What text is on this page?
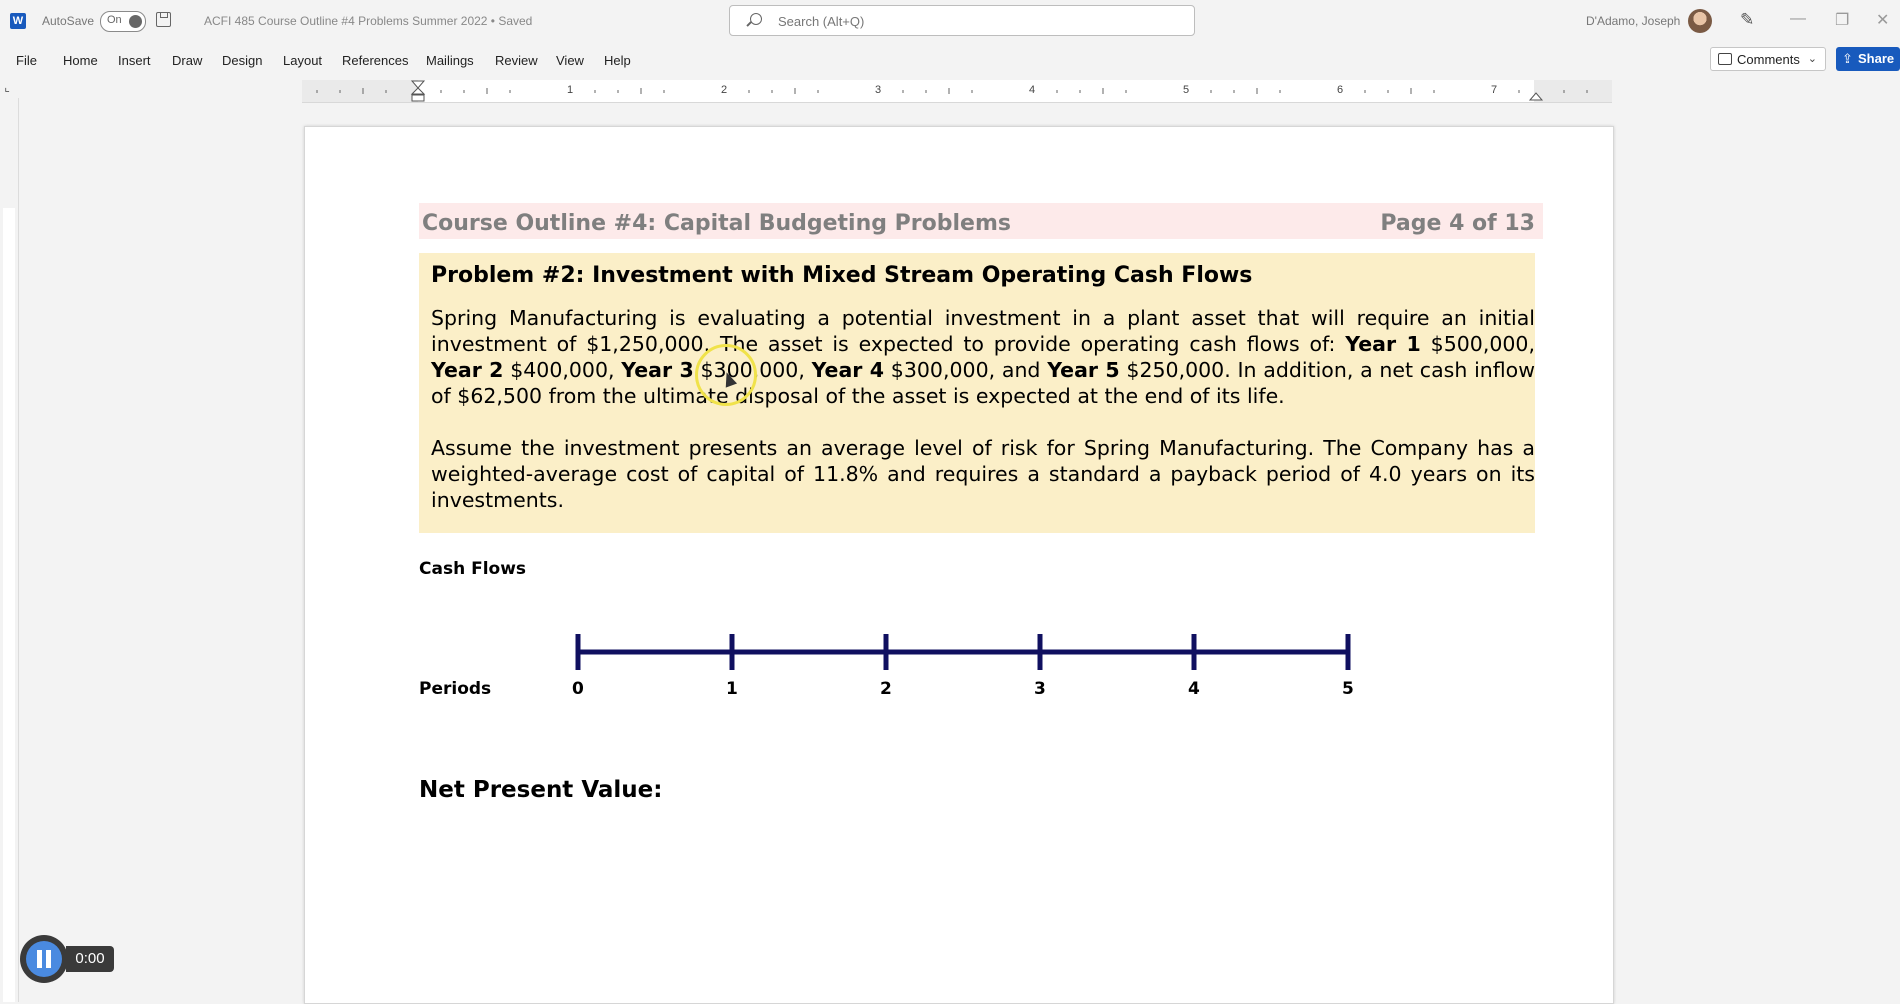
W AutoSave On	ACFI 485 Course Outline #4 Problems Summer 2022 • Saved	Search (Alt+Q)	D'Adamo, Joseph	✎ — ❐ ✕
File Home Insert Draw Design Layout References Mailings Review View Help	Comments ⌄ ⇪ Share
⌞	1	2	3	4	5	6	7
Course Outline #4: Capital Budgeting Problems	Page 4 of 13
Problem #2: Investment with Mixed Stream Operating Cash Flows
Spring Manufacturing is evaluating a potential investment in a plant asset that will require an initial investment of $1,250,000. The asset is expected to provide operating cash flows of: Year 1 $500,000, Year 2 $400,000, Year 3 $300,000, Year 4 $300,000, and Year 5 $250,000. In addition, a net cash inflow of $62,500 from the ultimate disposal of the asset is expected at the end of its life.
Assume the investment presents an average level of risk for Spring Manufacturing. The Company has a weighted-average cost of capital of 11.8% and requires a standard a payback period of 4.0 years on its investments.
Cash Flows
Periods	0	1	2	3	4	5
Net Present Value:
0:00
